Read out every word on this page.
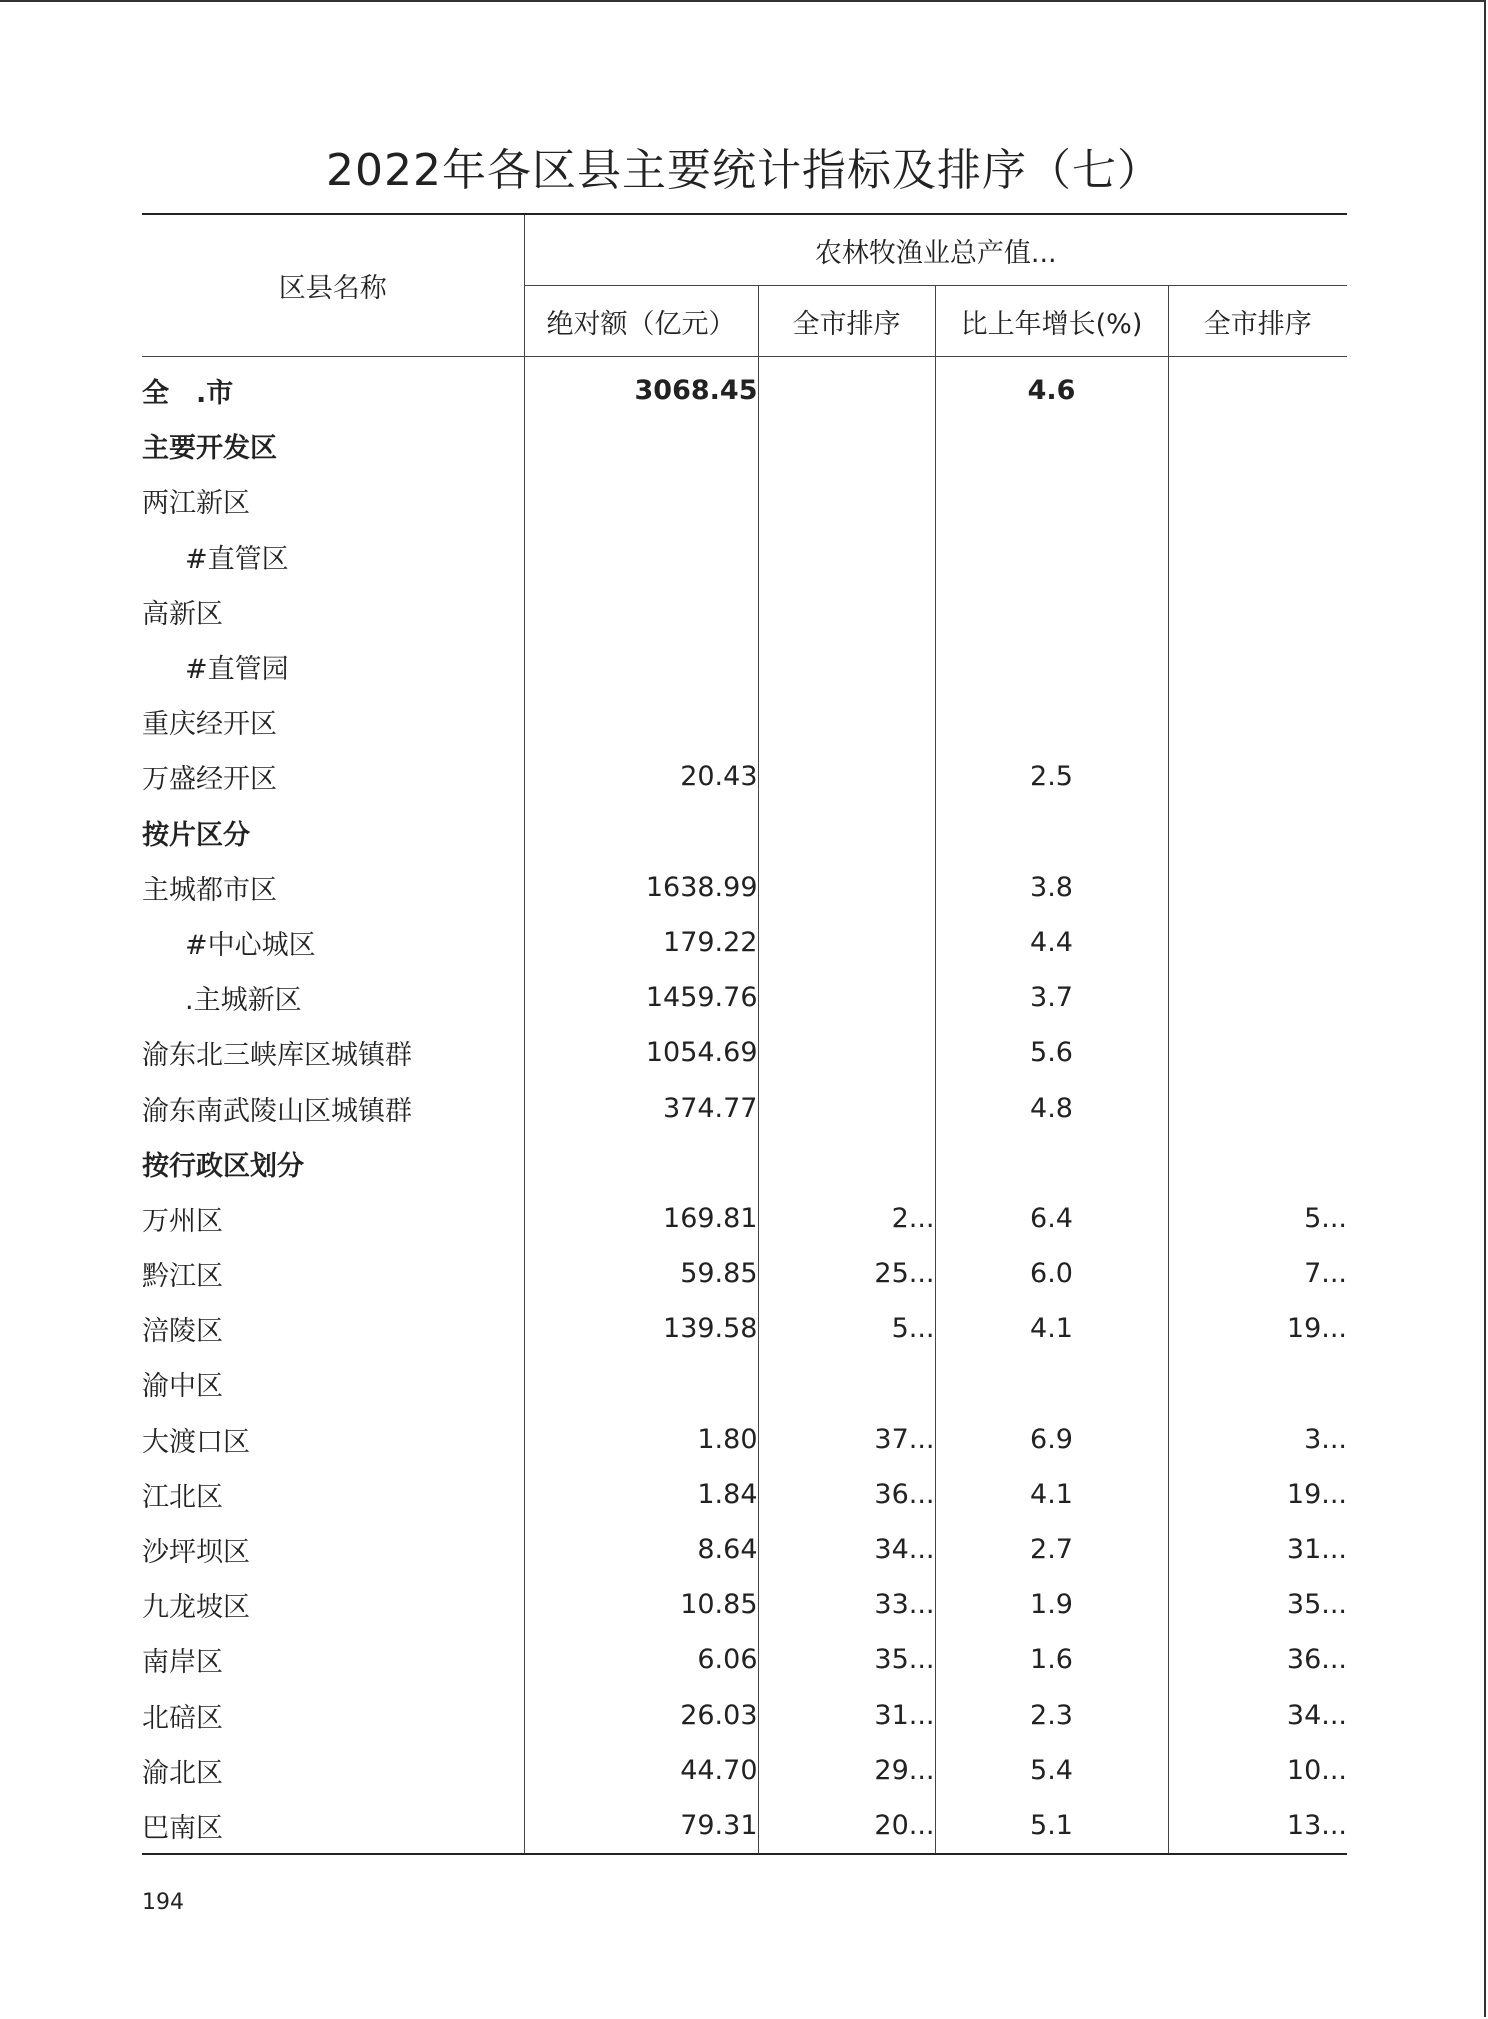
2022年各区县主要统计指标及排序（七）
区县名称	农林牧渔业总产值...			
	绝对额（亿元）	全市排序	比上年增长(%)	全市排序
全　.市	3068.45		4.6	
主要开发区				
两江新区				
#直管区				
高新区				
#直管园				
重庆经开区				
万盛经开区	20.43		2.5	
按片区分				
主城都市区	1638.99		3.8	
#中心城区	179.22		4.4	
.主城新区	1459.76		3.7	
渝东北三峡库区城镇群	1054.69		5.6	
渝东南武陵山区城镇群	374.77		4.8	
按行政区划分				
万州区	169.81	2...	6.4	5...
黔江区	59.85	25...	6.0	7...
涪陵区	139.58	5...	4.1	19...
渝中区				
大渡口区	1.80	37...	6.9	3...
江北区	1.84	36...	4.1	19...
沙坪坝区	8.64	34...	2.7	31...
九龙坡区	10.85	33...	1.9	35...
南岸区	6.06	35...	1.6	36...
北碚区	26.03	31...	2.3	34...
渝北区	44.70	29...	5.4	10...
巴南区	79.31	20...	5.1	13...
194
